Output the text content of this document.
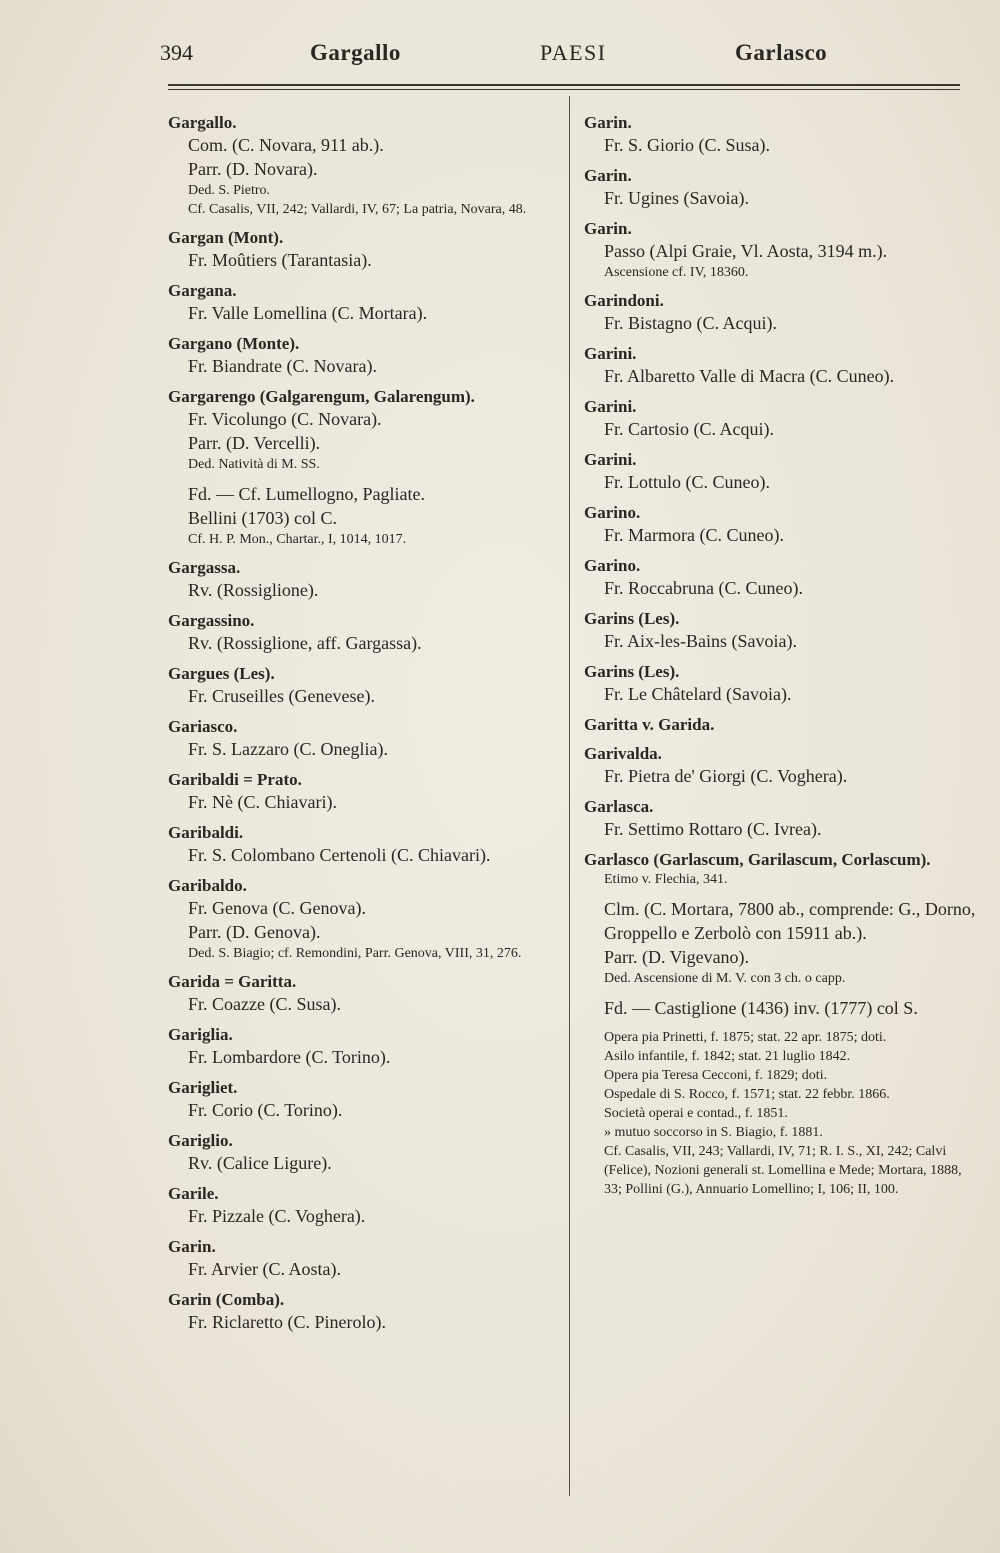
394	Gargallo	PAESI	Garlasco
Gargallo.
Com. (C. Novara, 911 ab.).
Parr. (D. Novara).
Ded. S. Pietro.
Cf. Casalis, VII, 242; Vallardi, IV, 67; La patria, Novara, 48.
Gargan (Mont).
Fr. Moûtiers (Tarantasia).
Gargana.
Fr. Valle Lomellina (C. Mortara).
Gargano (Monte).
Fr. Biandrate (C. Novara).
Gargarengo (Galgarengum, Galarengum).
Fr. Vicolungo (C. Novara).
Parr. (D. Vercelli).
Ded. Natività di M. SS.
Fd. — Cf. Lumellogno, Pagliate.
Bellini (1703) col C.
Cf. H. P. Mon., Chartar., I, 1014, 1017.
Gargassa.
Rv. (Rossiglione).
Gargassino.
Rv. (Rossiglione, aff. Gargassa).
Gargues (Les).
Fr. Cruseilles (Genevese).
Gariasco.
Fr. S. Lazzaro (C. Oneglia).
Garibaldi = Prato.
Fr. Nè (C. Chiavari).
Garibaldi.
Fr. S. Colombano Certenoli (C. Chiavari).
Garibaldo.
Fr. Genova (C. Genova).
Parr. (D. Genova).
Ded. S. Biagio; cf. Remondini, Parr. Genova, VIII, 31, 276.
Garida = Garitta.
Fr. Coazze (C. Susa).
Gariglia.
Fr. Lombardore (C. Torino).
Garigliet.
Fr. Corio (C. Torino).
Gariglio.
Rv. (Calice Ligure).
Garile.
Fr. Pizzale (C. Voghera).
Garin.
Fr. Arvier (C. Aosta).
Garin (Comba).
Fr. Riclaretto (C. Pinerolo).
Garin.
Fr. S. Giorio (C. Susa).
Garin.
Fr. Ugines (Savoia).
Garin.
Passo (Alpi Graie, Vl. Aosta, 3194 m.).
Ascensione cf. IV, 18360.
Garindoni.
Fr. Bistagno (C. Acqui).
Garini.
Fr. Albaretto Valle di Macra (C. Cuneo).
Garini.
Fr. Cartosio (C. Acqui).
Garini.
Fr. Lottulo (C. Cuneo).
Garino.
Fr. Marmora (C. Cuneo).
Garino.
Fr. Roccabruna (C. Cuneo).
Garins (Les).
Fr. Aix-les-Bains (Savoia).
Garins (Les).
Fr. Le Châtelard (Savoia).
Garitta v. Garida.
Garivalda.
Fr. Pietra de' Giorgi (C. Voghera).
Garlasca.
Fr. Settimo Rottaro (C. Ivrea).
Garlasco (Garlascum, Garilascum, Corlascum).
Etimo v. Flechia, 341.
Clm. (C. Mortara, 7800 ab., comprende: G., Dorno, Groppello e Zerbolò con 15911 ab.).
Parr. (D. Vigevano).
Ded. Ascensione di M. V. con 3 ch. o capp.
Fd. — Castiglione (1436) inv. (1777) col S.
Opera pia Prinetti, f. 1875; stat. 22 apr. 1875; doti.
Asilo infantile, f. 1842; stat. 21 luglio 1842.
Opera pia Teresa Cecconi, f. 1829; doti.
Ospedale di S. Rocco, f. 1571; stat. 22 febbr. 1866.
Società operai e contad., f. 1851.
» mutuo soccorso in S. Biagio, f. 1881.
Cf. Casalis, VII, 243; Vallardi, IV, 71; R. I. S., XI, 242; Calvi (Felice), Nozioni generali st. Lomellina e Mede; Mortara, 1888, 33; Pollini (G.), Annuario Lomellino; I, 106; II, 100.
